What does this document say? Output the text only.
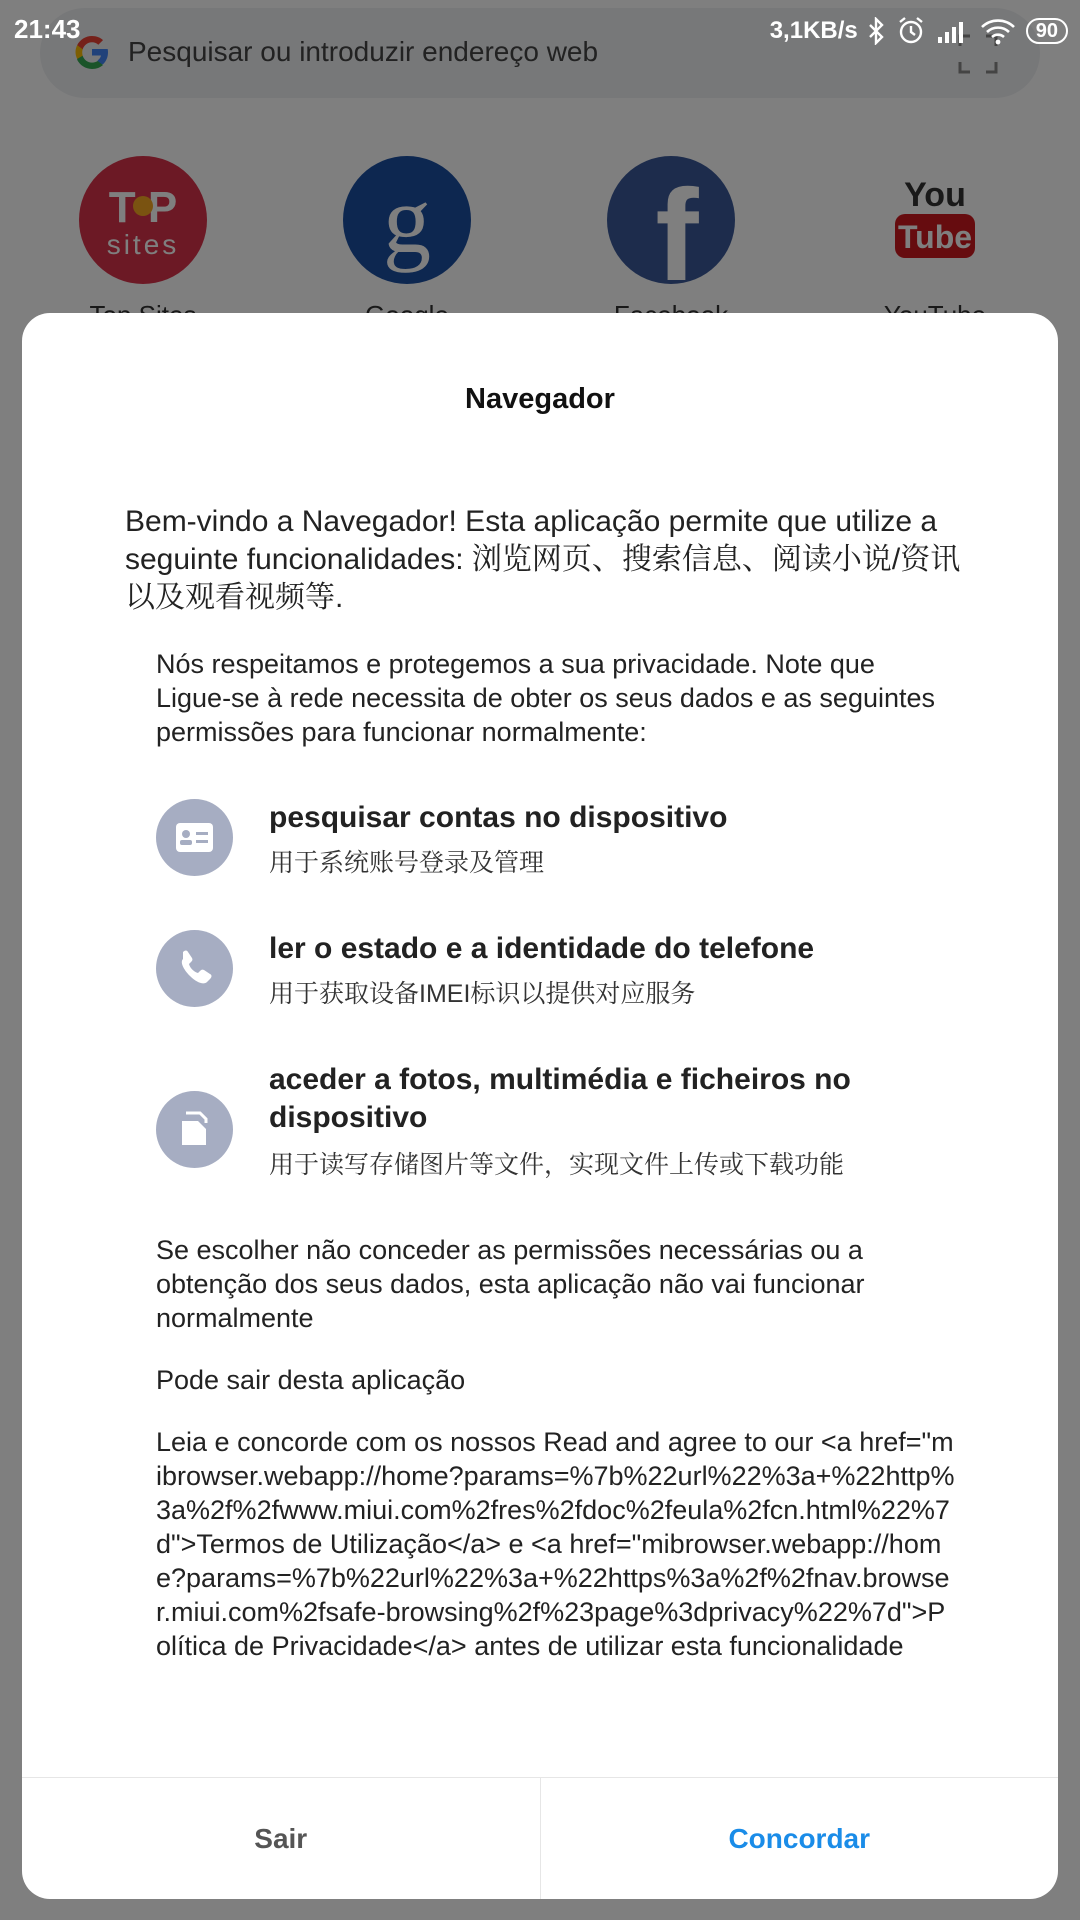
21:43	3,1KB/s	90
Navegador
Bem-vindo a Navegador! Esta aplicação permite que utilize a seguinte funcionalidades: 浏览网页、搜索信息、阅读小说/资讯以及观看视频等.
Nós respeitamos e protegemos a sua privacidade. Note que Ligue-se à rede necessita de obter os seus dados e as seguintes permissões para funcionar normalmente:
pesquisar contas no dispositivo
用于系统账号登录及管理
ler o estado e a identidade do telefone
用于获取设备IMEI标识以提供对应服务
aceder a fotos, multimédia e ficheiros no dispositivo
用于读写存储图片等文件，实现文件上传或下载功能
Se escolher não conceder as permissões necessárias ou a obtenção dos seus dados, esta aplicação não vai funcionar normalmente
Pode sair desta aplicação
Leia e concorde com os nossos Read and agree to our <a href="mibrowser.webapp://home?params=%7b%22url%22%3a+%22http%3a%2f%2fwww.miui.com%2fres%2fdoc%2feula%2fcn.html%22%7d">Termos de Utilização</a> e <a href="mibrowser.webapp://home?params=%7b%22url%22%3a+%22https%3a%2f%2fnav.browser.miui.com%2fsafe-browsing%2f%23page%3dprivacy%22%7d">Política de Privacidade</a> antes de utilizar esta funcionalidade
Sair	Concordar
